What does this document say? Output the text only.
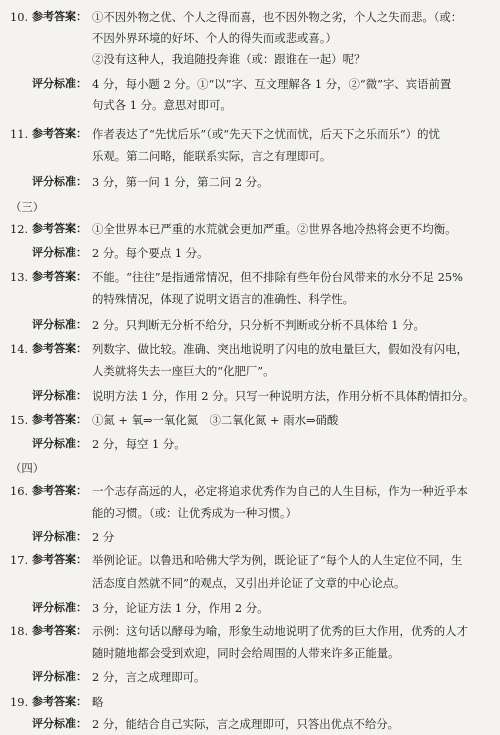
10. 参考答案： ①不因外物之优、个人之得而喜，也不因外物之劣，个人之失而悲。（或：
不因外界环境的好坏、个人的得失而或悲或喜。）
②没有这种人，我追随投奔谁（或：跟谁在一起）呢？
评分标准： 4 分，每小题 2 分。①“以”字、互文理解各 1 分，②“微”字、宾语前置
句式各 1 分。意思对即可。
11. 参考答案： 作者表达了“先忧后乐”（或“先天下之忧而忧，后天下之乐而乐”）的忧
乐观。第二问略，能联系实际，言之有理即可。
评分标准： 3 分，第一问 1 分，第二问 2 分。
（三）
12. 参考答案： ①全世界本已严重的水荒就会更加严重。②世界各地冷热将会更不均衡。
评分标准： 2 分。每个要点 1 分。
13. 参考答案： 不能。“往往”是指通常情况，但不排除有些年份台风带来的水分不足 25%
的特殊情况，体现了说明文语言的准确性、科学性。
评分标准： 2 分。只判断无分析不给分，只分析不判断或分析不具体给 1 分。
14. 参考答案： 列数字、做比较。准确、突出地说明了闪电的放电量巨大，假如没有闪电，
人类就将失去一座巨大的“化肥厂”。
评分标准： 说明方法 1 分，作用 2 分。只写一种说明方法，作用分析不具体酌情扣分。
15. 参考答案： ①氮 + 氧⇒一氧化氮　③二氧化氮 + 雨水⇒硝酸
评分标准： 2 分，每空 1 分。
（四）
16. 参考答案： 一个志存高远的人，必定将追求优秀作为自己的人生目标，作为一种近乎本
能的习惯。（或：让优秀成为一种习惯。）
评分标准： 2 分
17. 参考答案： 举例论证。以鲁迅和哈佛大学为例，既论证了“每个人的人生定位不同，生
活态度自然就不同”的观点，又引出并论证了文章的中心论点。
评分标准： 3 分，论证方法 1 分，作用 2 分。
18. 参考答案： 示例：这句话以酵母为喻，形象生动地说明了优秀的巨大作用，优秀的人才
随时随地都会受到欢迎，同时会给周围的人带来许多正能量。
评分标准： 2 分，言之成理即可。
19. 参考答案： 略
评分标准： 2 分，能结合自己实际，言之成理即可，只答出优点不给分。
